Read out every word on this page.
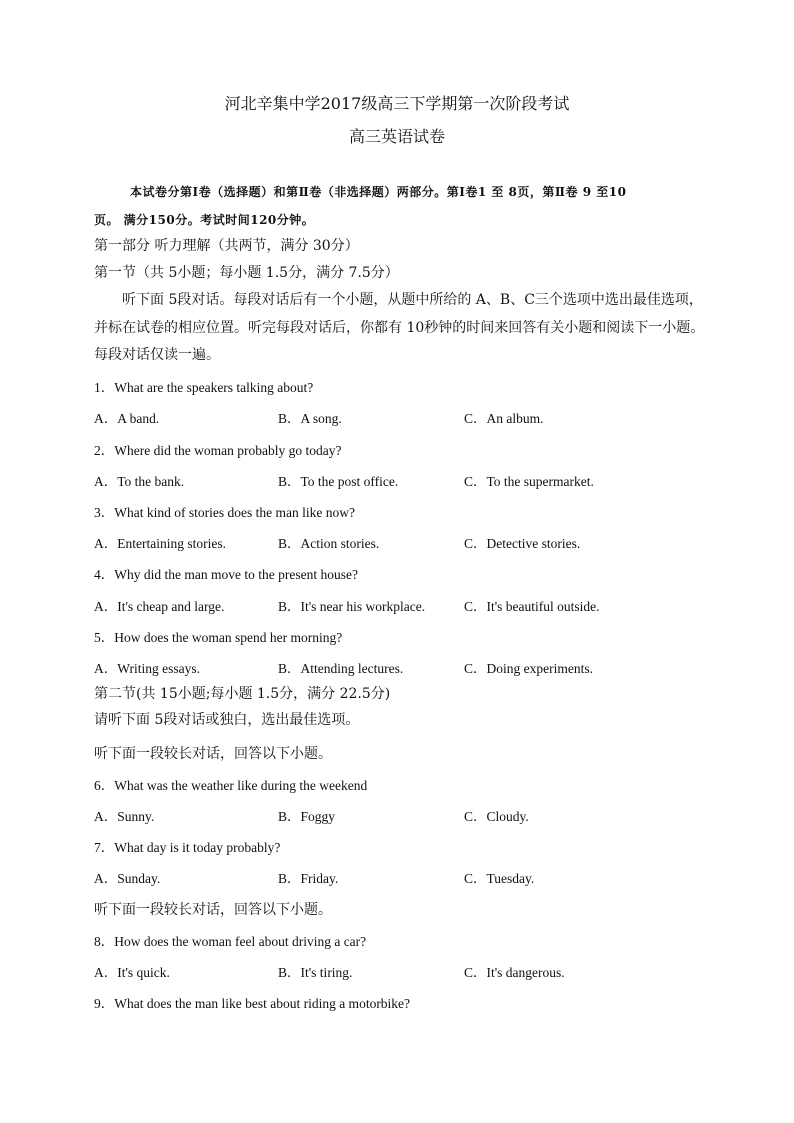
河北辛集中学2017级高三下学期第一次阶段考试
高三英语试卷
本试卷分第Ⅰ卷（选择题）和第Ⅱ卷（非选择题）两部分。第Ⅰ卷1 至 8页，第Ⅱ卷 9 至10
页。 满分150分。考试时间120分钟。
第一部分 听力理解（共两节，满分 30分）
第一节（共 5小题；每小题 1.5分，满分 7.5分）
听下面 5段对话。每段对话后有一个小题，从题中所给的 A、B、C三个选项中选出最佳选项，
并标在试卷的相应位置。听完每段对话后，你都有 10秒钟的时间来回答有关小题和阅读下一小题。
每段对话仅读一遍。
1．What are the speakers talking about?
A．A band.	B．A song.	C．An album.
2．Where did the woman probably go today?
A．To the bank.	B．To the post office.	C．To the supermarket.
3．What kind of stories does the man like now?
A．Entertaining stories.	B．Action stories.	C．Detective stories.
4．Why did the man move to the present house?
A．It's cheap and large.	B．It's near his workplace.	C．It's beautiful outside.
5．How does the woman spend her morning?
A．Writing essays.	B．Attending lectures.	C．Doing experiments.
第二节(共 15小题;每小题 1.5分，满分 22.5分)
请听下面 5段对话或独白，选出最佳选项。
听下面一段较长对话，回答以下小题。
6．What was the weather like during the weekend
A．Sunny.	B．Foggy	C．Cloudy.
7．What day is it today probably?
A．Sunday.	B．Friday.	C．Tuesday.
听下面一段较长对话，回答以下小题。
8．How does the woman feel about driving a car?
A．It's quick.	B．It's tiring.	C．It's dangerous.
9．What does the man like best about riding a motorbike?
